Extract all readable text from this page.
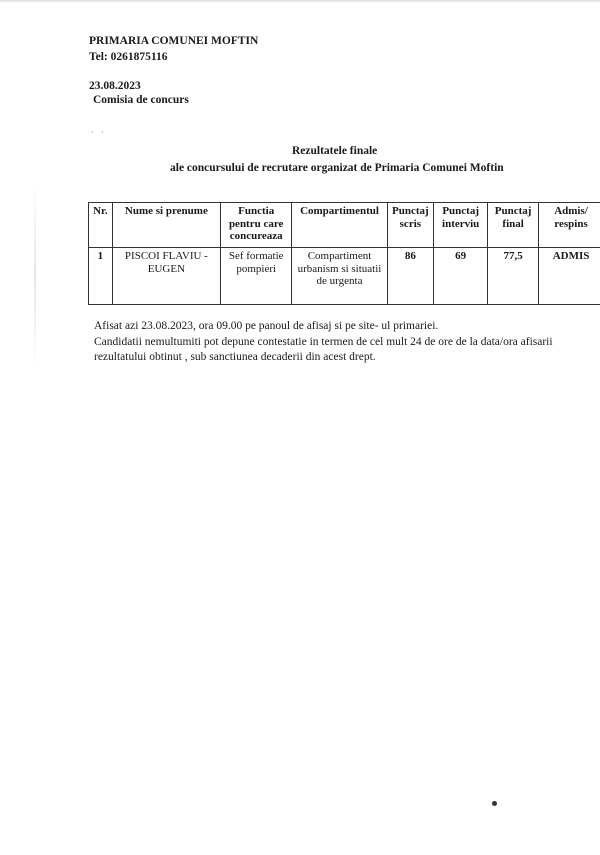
PRIMARIA COMUNEI MOFTIN
Tel: 0261875116
23.08.2023
Comisia de concurs
· ·
Rezultatele finale
ale concursului de recrutare organizat de Primaria Comunei Moftin
Nr.	Nume si prenume	Functia pentru care concureaza	Compartimentul	Punctaj scris	Punctaj interviu	Punctaj final	Admis/ respins
1	PISCOI FLAVIU - EUGEN	Sef formatie pompieri	Compartiment urbanism si situatii de urgenta	86	69	77,5	ADMIS
Afisat azi 23.08.2023, ora 09.00 pe panoul de afisaj si pe site- ul primariei.
Candidatii nemultumiti pot depune contestatie in termen de cel mult 24 de ore de la data/ora afisarii
rezultatului obtinut , sub sanctiunea decaderii din acest drept.
